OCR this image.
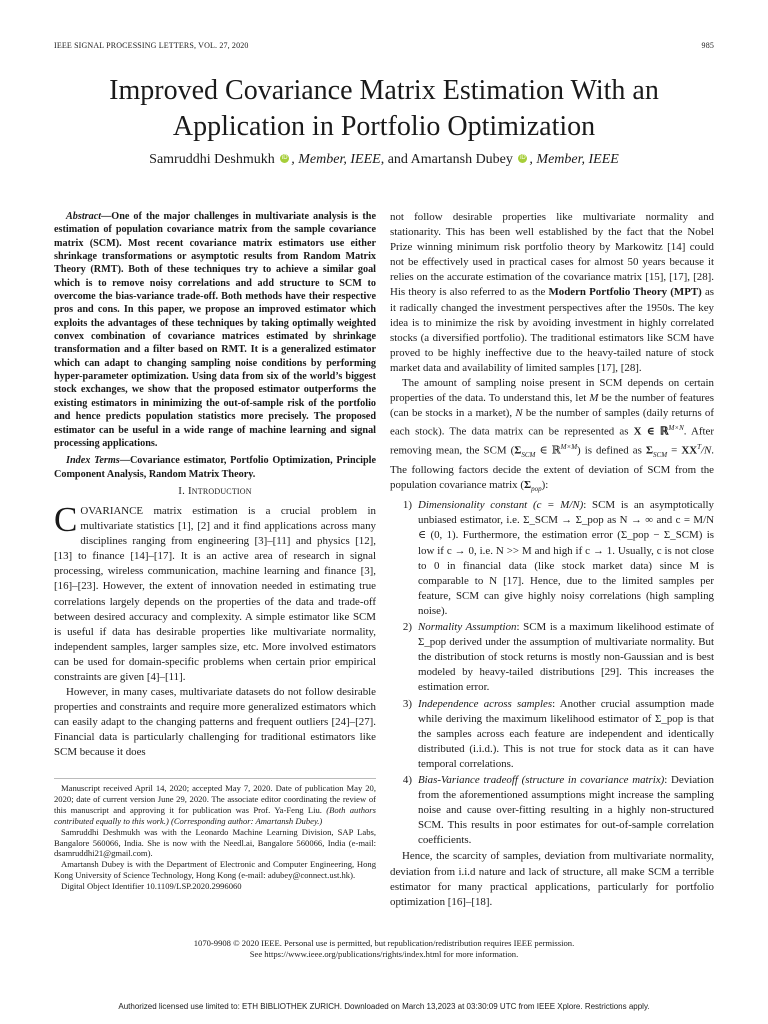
IEEE SIGNAL PROCESSING LETTERS, VOL. 27, 2020	985
Improved Covariance Matrix Estimation With an
Application in Portfolio Optimization
Samruddhi Deshmukh iD , Member, IEEE, and Amartansh Dubey iD , Member, IEEE

Abstract—One of the major challenges in multivariate analysis is the estimation of population covariance matrix from the sample covariance matrix (SCM). Most recent covariance matrix estimators use either shrinkage transformations or asymptotic results from Random Matrix Theory (RMT). Both of these techniques try to achieve a similar goal which is to remove noisy correlations and add structure to SCM to overcome the bias-variance trade-off. Both methods have their respective pros and cons. In this paper, we propose an improved estimator which exploits the advantages of these techniques by taking optimally weighted convex combination of covariance matrices estimated by shrinkage transformation and a filter based on RMT. It is a generalized estimator which can adapt to changing sampling noise conditions by performing hyper-parameter optimization. Using data from six of the world’s biggest stock exchanges, we show that the proposed estimator outperforms the existing estimators in minimizing the out-of-sample risk of the portfolio and hence predicts population statistics more precisely. The proposed estimator can be useful in a wide range of machine learning and signal processing applications.

Index Terms—Covariance estimator, Portfolio Optimization, Principle Component Analysis, Random Matrix Theory.

I. Introduction

COVARIANCE matrix estimation is a crucial problem in multivariate statistics [1], [2] and it find applications across many disciplines ranging from engineering [3]–[11] and physics [12], [13] to finance [14]–[17]. It is an active area of research in signal processing, wireless communication, machine learning and finance [3], [16]–[23]. However, the extent of innovation needed in estimating true correlations largely depends on the properties of the data and trade-off between desired accuracy and complexity. A simple estimator like SCM is useful if data has desirable properties like multivariate normality, independent samples, larger samples size, etc. More involved estimators can be used for domain-specific problems when certain prior empirical constraints are given [4]–[11].

However, in many cases, multivariate datasets do not follow desirable properties and constraints and require more generalized estimators which can easily adapt to the changing patterns and frequent outliers [24]–[27]. Financial data is particularly challenging for traditional estimators like SCM because it does

Manuscript received April 14, 2020; accepted May 7, 2020. Date of publication May 20, 2020; date of current version June 29, 2020. The associate editor coordinating the review of this manuscript and approving it for publication was Prof. Ya-Feng Liu. (Both authors contributed equally to this work.) (Corresponding author: Amartansh Dubey.)

Samruddhi Deshmukh was with the Leonardo Machine Learning Division, SAP Labs, Bangalore 560066, India. She is now with the Needl.ai, Bangalore 560066, India (e-mail: dsamruddhi21@gmail.com).

Amartansh Dubey is with the Department of Electronic and Computer Engineering, Hong Kong University of Science Technology, Hong Kong (e-mail: adubey@connect.ust.hk).

Digital Object Identifier 10.1109/LSP.2020.2996060

not follow desirable properties like multivariate normality and stationarity. This has been well established by the fact that the Nobel Prize winning minimum risk portfolio theory by Markowitz [14] could not be effectively used in practical cases for almost 50 years because it relies on the accurate estimation of the covariance matrix [15], [17], [28]. His theory is also referred to as the Modern Portfolio Theory (MPT) as it radically changed the investment perspectives after the 1950s. The key idea is to minimize the risk by avoiding investment in highly correlated stocks (a diversified portfolio). The traditional estimators like SCM have proved to be highly ineffective due to the heavy-tailed nature of stock market data and availability of limited samples [17], [28].

The amount of sampling noise present in SCM depends on certain properties of the data. To understand this, let M be the number of features (can be stocks in a market), N be the number of samples (daily returns of each stock). The data matrix can be represented as X ∈ ℝ$^{M\times N}$. After removing mean, the SCM ($\Sigma_{SCM}$ ∈ ℝ$^{M\times M}$) is defined as $\Sigma_{SCM} = XX^T/N$. The following factors decide the extent of deviation of SCM from the population covariance matrix $(\Sigma_{pop})$:

1) Dimensionality constant (c = M/N): SCM is an asymptotically unbiased estimator, i.e. Σ_SCM → Σ_pop as N → ∞ and c = M/N ∈ (0, 1). Furthermore, the estimation error (Σ_pop − Σ_SCM) is low if c → 0, i.e. N >> M and high if c → 1. Usually, c is not close to 0 in financial data (like stock market data) since M is comparable to N [17]. Hence, due to the limited samples per feature, SCM can give highly noisy correlations (high sampling noise).
2) Normality Assumption: SCM is a maximum likelihood estimate of Σ_pop derived under the assumption of multivariate normality. But the distribution of stock returns is mostly non-Gaussian and is best modeled by heavy-tailed distributions [29]. This increases the estimation error.
3) Independence across samples: Another crucial assumption made while deriving the maximum likelihood estimator of Σ_pop is that the samples across each feature are independent and identically distributed (i.i.d.). This is not true for stock data as it can have temporal correlations.
4) Bias-Variance tradeoff (structure in covariance matrix): Deviation from the aforementioned assumptions might increase the sampling noise and cause over-fitting resulting in a highly non-structured SCM. This results in poor estimates for out-of-sample correlation coefficients.

Hence, the scarcity of samples, deviation from multivariate normality, deviation from i.i.d nature and lack of structure, all make SCM a terrible estimator for many practical applications, particularly for portfolio optimization [16]–[18].

1070-9908 © 2020 IEEE. Personal use is permitted, but republication/redistribution requires IEEE permission.
See https://www.ieee.org/publications/rights/index.html for more information.
Authorized licensed use limited to: ETH BIBLIOTHEK ZURICH. Downloaded on March 13,2023 at 03:30:09 UTC from IEEE Xplore. Restrictions apply.
